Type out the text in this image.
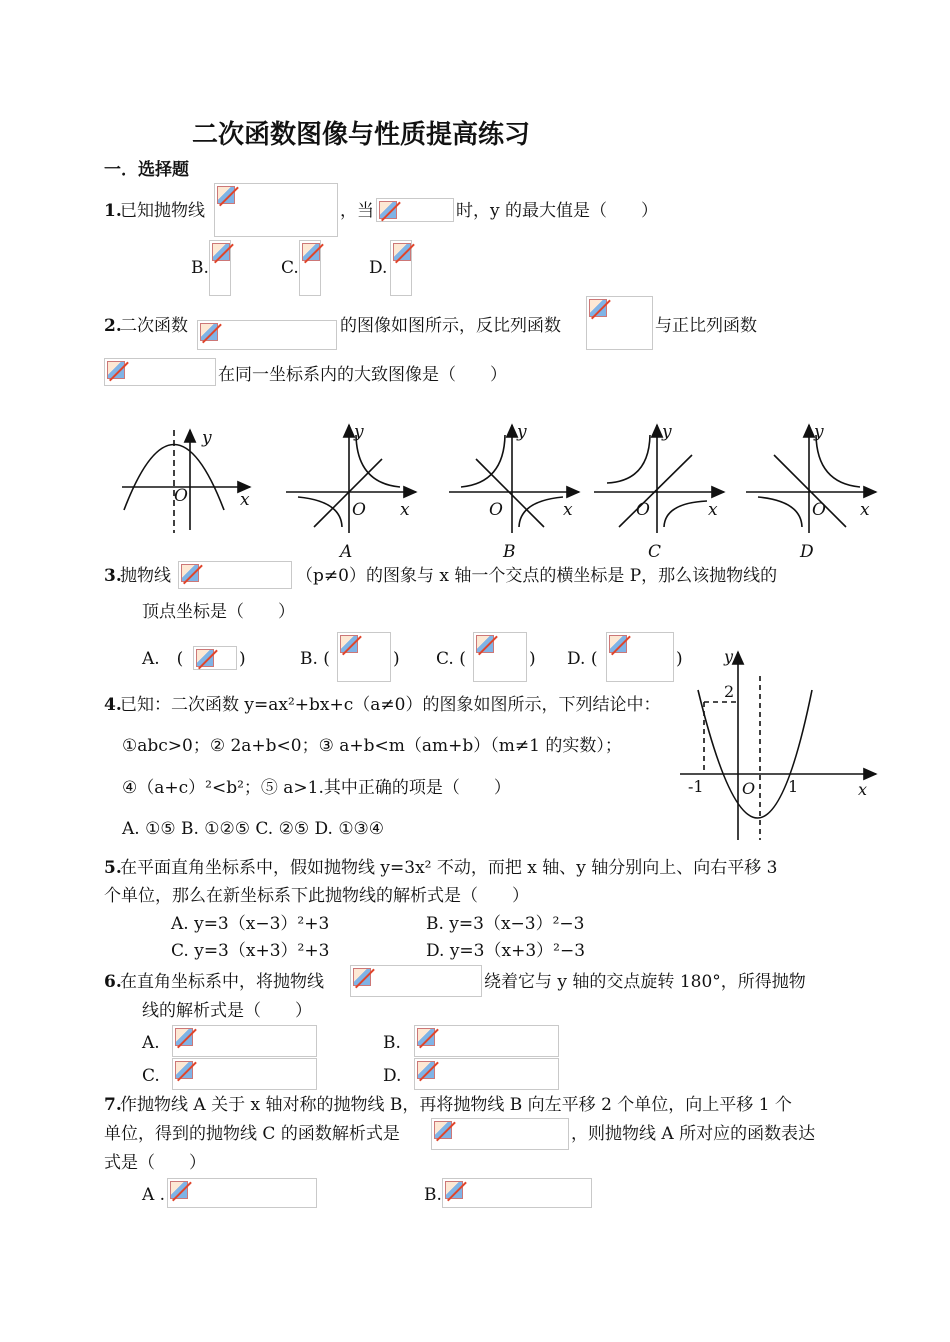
二次函数图像与性质提高练习
一．选择题
1.
已知抛物线	，当	时，y 的最大值是（　　）
B.	C.	D.
2.
二次函数	的图像如图所示，反比列函数	与正比列函数
在同一坐标系内的大致图像是（　　）
y
O	x
y
O x
A
y
O	x
B
y
O	x
C
y
O x
D
3.
抛物线	（p≠0）的图象与 x 轴一个交点的横坐标是 P，那么该抛物线的
顶点坐标是（　　）
A.　(	)	B. (	) C. (	) D. (	)
4.
已知：二次函数 y=ax²+bx+c（a≠0）的图象如图所示，下列结论中：
①abc>0；② 2a+b<0；③ a+b<m（am+b）（m≠1 的实数）；
④（a+c）²<b²；⑤ a>1.其中正确的项是（　　）
A. ①⑤ B. ①②⑤ C. ②⑤ D. ①③④
y
2
-1 O 1	x
5.
在平面直角坐标系中，假如抛物线 y=3x² 不动，而把 x 轴、y 轴分别向上、向右平移 3
个单位，那么在新坐标系下此抛物线的解析式是（　　）
A. y=3（x−3）²+3	B. y=3（x−3）²−3
C. y=3（x+3）²+3	D. y=3（x+3）²−3
6.
在直角坐标系中，将抛物线	绕着它与 y 轴的交点旋转 180°，所得抛物
线的解析式是（　　）
A.	B.
C.	D.
7.
作抛物线 A 关于 x 轴对称的抛物线 B，再将抛物线 B 向左平移 2 个单位，向上平移 1 个
单位，得到的抛物线 C 的函数解析式是	，则抛物线 A 所对应的函数表达
式是（　　）
A .	B.
